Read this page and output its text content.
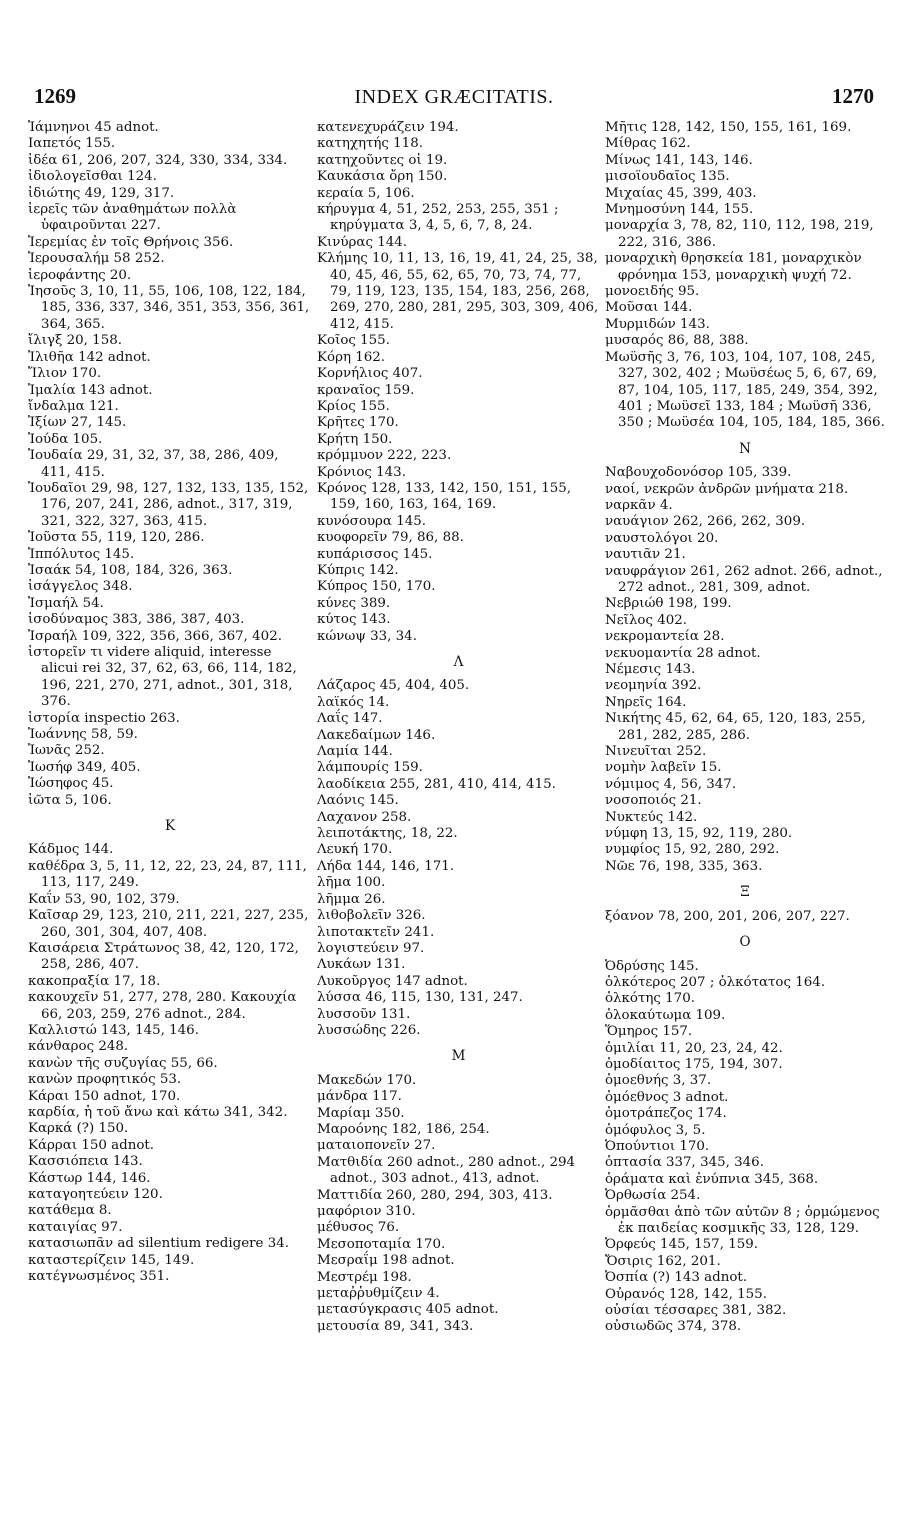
1269	INDEX GRÆCITATIS.	1270
Ἰάμνηνοι 45 adnot.
Ιαπετός 155.
ἰδέα 61, 206, 207, 324, 330, 334, 334.
ἰδιολογεῖσθαι 124.
ἰδιώτης 49, 129, 317.
ἱερεῖς τῶν ἀναθημάτων πολλὰ ὑφαιροῦνται 227.
Ἱερεμίας ἐν τοῖς Θρήνοις 356.
Ἱερουσαλήμ 58 252.
ἱεροφάντης 20.
Ἰησοῦς 3, 10, 11, 55, 106, 108, 122, 184, 185, 336, 337, 346, 351, 353, 356, 361, 364, 365.
ἴλιγξ 20, 158.
Ἰλιθῆα 142 adnot.
Ἴλιον 170.
Ἰμαλία 143 adnot.
ἴνδαλμα 121.
Ἰξίων 27, 145.
Ἰούδα 105.
Ἰουδαία 29, 31, 32, 37, 38, 286, 409, 411, 415.
Ἰουδαῖοι 29, 98, 127, 132, 133, 135, 152, 176, 207, 241, 286, adnot., 317, 319, 321, 322, 327, 363, 415.
Ἰοῦστα 55, 119, 120, 286.
Ἱππόλυτος 145.
Ἰσαάκ 54, 108, 184, 326, 363.
ἰσάγγελος 348.
Ἰσμαήλ 54.
ἰσοδύναμος 383, 386, 387, 403.
Ἰσραήλ 109, 322, 356, 366, 367, 402.
ἱστορεῖν τι videre aliquid, interesse alicui rei 32, 37, 62, 63, 66, 114, 182, 196, 221, 270, 271, adnot., 301, 318, 376.
ἱστορία inspectio 263.
Ἰωάννης 58, 59.
Ἰωνᾶς 252.
Ἰωσήφ 349, 405.
Ἰώσηφος 45.
ἰῶτα 5, 106.
K
Κάδμος 144.
καθέδρα 3, 5, 11, 12, 22, 23, 24, 87, 111, 113, 117, 249.
Καΐν 53, 90, 102, 379.
Καῖσαρ 29, 123, 210, 211, 221, 227, 235, 260, 301, 304, 407, 408.
Καισάρεια Στράτωνος 38, 42, 120, 172, 258, 286, 407.
κακοπραξία 17, 18.
κακουχεῖν 51, 277, 278, 280. Κακουχία 66, 203, 259, 276 adnot., 284.
Καλλιστώ 143, 145, 146.
κάνθαρος 248.
κανὼν τῆς συζυγίας 55, 66.
κανὼν προφητικός 53.
Κάραι 150 adnot, 170.
καρδία, ἡ τοῦ ἄνω καὶ κάτω 341, 342.
Καρκά (?) 150.
Κάρραι 150 adnot.
Κασσιόπεια 143.
Κάστωρ 144, 146.
καταγοητεύειν 120.
κατάθεμα 8.
καταιγίας 97.
κατασιωπᾶν ad silentium redigere 34.
καταστερίζειν 145, 149.
κατέγνωσμένος 351.
κατενεχυράζειν 194.
κατηχητής 118.
κατηχοῦντες οἱ 19.
Καυκάσια ὄρη 150.
κεραία 5, 106.
κήρυγμα 4, 51, 252, 253, 255, 351 ; κηρύγματα 3, 4, 5, 6, 7, 8, 24.
Κινύρας 144.
Κλήμης 10, 11, 13, 16, 19, 41, 24, 25, 38, 40, 45, 46, 55, 62, 65, 70, 73, 74, 77, 79, 119, 123, 135, 154, 183, 256, 268, 269, 270, 280, 281, 295, 303, 309, 406, 412, 415.
Κοῖος 155.
Κόρη 162.
Κορνήλιος 407.
κραναῖος 159.
Κρίος 155.
Κρῆτες 170.
Κρήτη 150.
κρόμμυον 222, 223.
Κρόνιος 143.
Κρόνος 128, 133, 142, 150, 151, 155, 159, 160, 163, 164, 169.
κυνόσουρα 145.
κυοφορεῖν 79, 86, 88.
κυπάρισσος 145.
Κύπρις 142.
Κύπρος 150, 170.
κύνες 389.
κύτος 143.
κώνωψ 33, 34.
Λ
Λάζαρος 45, 404, 405.
λαϊκός 14.
Λαΐς 147.
Λακεδαίμων 146.
Λαμία 144.
λάμπουρίς 159.
λαοδίκεια 255, 281, 410, 414, 415.
Λαόνις 145.
Λαχανον 258.
λειποτάκτης, 18, 22.
Λευκή 170.
Λήδα 144, 146, 171.
λῆμα 100.
λῆμμα 26.
λιθοβολεῖν 326.
λιποτακτεῖν 241.
λογιστεύειν 97.
Λυκάων 131.
Λυκοῦργος 147 adnot.
λύσσα 46, 115, 130, 131, 247.
λυσσοῦν 131.
λυσσώδης 226.
M
Μακεδών 170.
μάνδρα 117.
Μαρίαμ 350.
Μαροόνης 182, 186, 254.
ματαιοπονεῖν 27.
Ματθιδία 260 adnot., 280 adnot., 294 adnot., 303 adnot., 413, adnot.
Ματτιδία 260, 280, 294, 303, 413.
μαφόριον 310.
μέθυσος 76.
Μεσοποταμία 170.
Μεσραΐμ 198 adnot.
Μεστρέμ 198.
μεταῤῥυθμίζειν 4.
μετασύγκρασις 405 adnot.
μετουσία 89, 341, 343.
Μῆτις 128, 142, 150, 155, 161, 169.
Μίθρας 162.
Μίνως 141, 143, 146.
μισοϊουδαῖος 135.
Μιχαίας 45, 399, 403.
Μνημοσύνη 144, 155.
μοναρχία 3, 78, 82, 110, 112, 198, 219, 222, 316, 386.
μοναρχικὴ θρησκεία 181, μοναρχικὸν φρόνημα 153, μοναρχικὴ ψυχή 72.
μονοειδής 95.
Μοῦσαι 144.
Μυρμιδών 143.
μυσαρός 86, 88, 388.
Μωϋσῆς 3, 76, 103, 104, 107, 108, 245, 327, 302, 402 ; Μωϋσέως 5, 6, 67, 69, 87, 104, 105, 117, 185, 249, 354, 392, 401 ; Μωϋσεῖ 133, 184 ; Μωϋσῆ 336, 350 ; Μωϋσέα 104, 105, 184, 185, 366.
N
Ναβουχοδονόσορ 105, 339.
ναοί, νεκρῶν ἀνδρῶν μνήματα 218.
ναρκᾶν 4.
ναυάγιον 262, 266, 262, 309.
ναυστολόγοι 20.
ναυτιᾶν 21.
ναυφράγιον 261, 262 adnot. 266, adnot., 272 adnot., 281, 309, adnot.
Νεβριώθ 198, 199.
Νεῖλος 402.
νεκρομαντεία 28.
νεκυομαντία 28 adnot.
Νέμεσις 143.
νεομηνία 392.
Νηρεῖς 164.
Νικήτης 45, 62, 64, 65, 120, 183, 255, 281, 282, 285, 286.
Νινευῖται 252.
νομὴν λαβεῖν 15.
νόμιμος 4, 56, 347.
νοσοποιός 21.
Νυκτεύς 142.
νύμφη 13, 15, 92, 119, 280.
νυμφίος 15, 92, 280, 292.
Νῶε 76, 198, 335, 363.
Ξ
ξόανον 78, 200, 201, 206, 207, 227.
O
Ὀδρύσης 145.
ὁλκότερος 207 ; ὁλκότατος 164.
ὁλκότης 170.
ὁλοκαύτωμα 109.
Ὅμηρος 157.
ὁμιλίαι 11, 20, 23, 24, 42.
ὁμοδίαιτος 175, 194, 307.
ὁμοεθνής 3, 37.
ὁμόεθνος 3 adnot.
ὁμοτράπεζος 174.
ὁμόφυλος 3, 5.
Ὀπούντιοι 170.
ὀπτασία 337, 345, 346.
ὁράματα καὶ ἐνύπνια 345, 368.
Ὀρθωσία 254.
ὁρμᾶσθαι ἀπὸ τῶν αὐτῶν 8 ; ὁρμώμενος ἐκ παιδείας κοσμικῆς 33, 128, 129.
Ὀρφεύς 145, 157, 159.
Ὄσιρις 162, 201.
Ὀσπία (?) 143 adnot.
Οὐρανός 128, 142, 155.
οὐσίαι τέσσαρες 381, 382.
οὐσιωδῶς 374, 378.
